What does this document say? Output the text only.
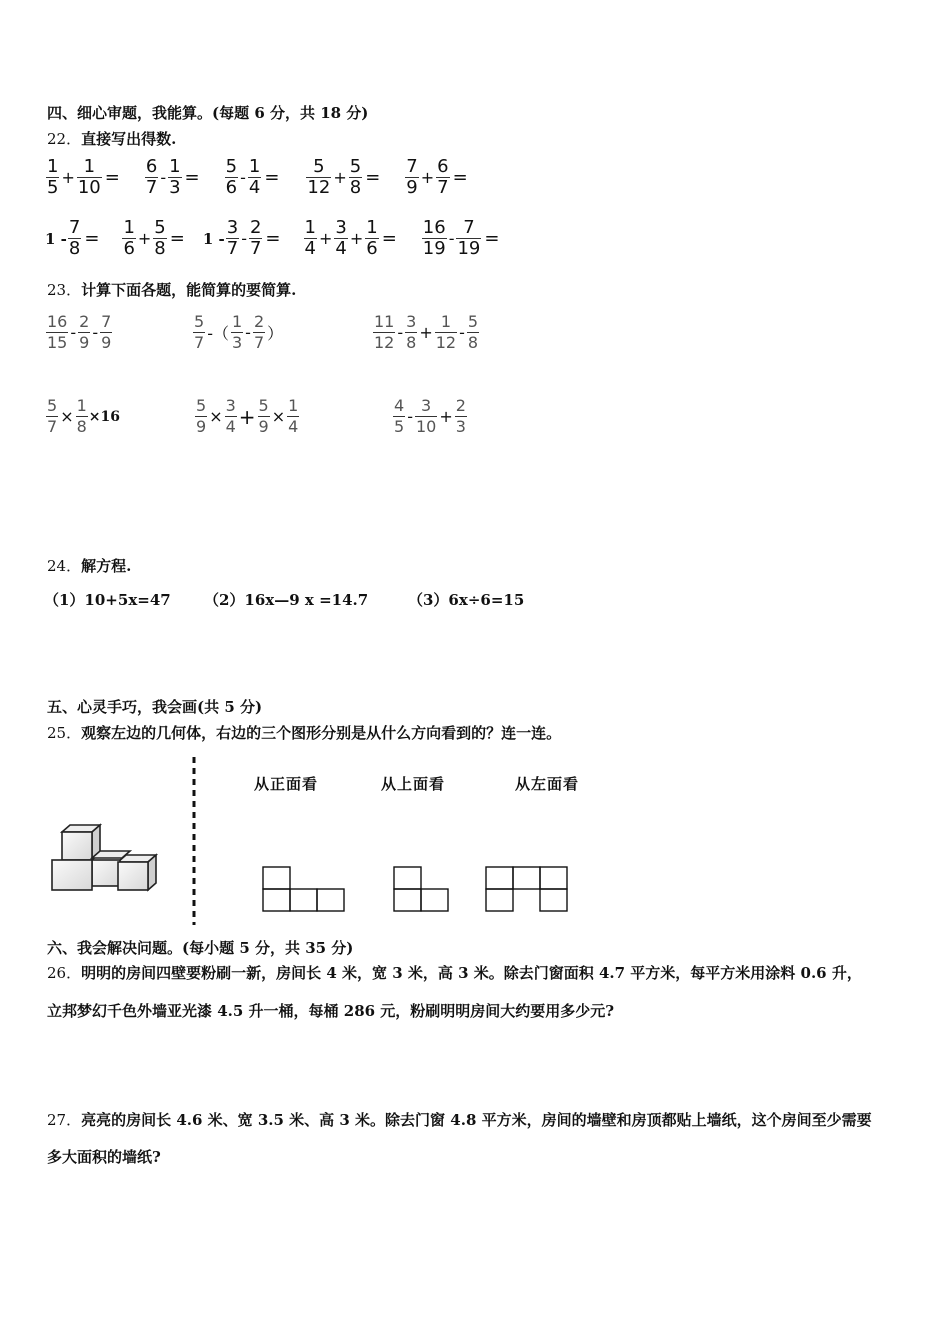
四、细心审题，我能算。(每题 6 分，共 18 分)
22．直接写出得数.
$\frac{1}{5} + \frac{1}{10} = \frac{6}{7} - \frac{1}{3} = \frac{5}{6} - \frac{1}{4} = \frac{5}{12} + \frac{5}{8} = \frac{7}{9} + \frac{6}{7}$ =
$1 - \frac{7}{8} = \frac{1}{6} + \frac{5}{8} = 1 - \frac{3}{7} - \frac{2}{7} = \frac{1}{4} + \frac{3}{4} + \frac{1}{6} = \frac{16}{19} - \frac{7}{19}$ =
23．计算下面各题，能简算的要简算.
$\frac{16}{15} - \frac{2}{9} - \frac{7}{9}$	$\frac{5}{7}$ -（ $\frac{1}{3} - \frac{2}{7}$ ）	$\frac{11}{12} - \frac{3}{8} + \frac{1}{12} - \frac{5}{8}$
$\frac{5}{7} \times \frac{1}{8} \times 16$	$\frac{5}{9} \times \frac{3}{4} + \frac{5}{9} \times \frac{1}{4}$	$\frac{4}{5} - \frac{3}{10} + \frac{2}{3}$
24．解方程.
（1）10+5x=47 （2）16x—9 x =14.7	（3）6x÷6=15
五、心灵手巧，我会画(共 5 分)
25．观察左边的几何体，右边的三个图形分别是从什么方向看到的？连一连。
从正面看	从上面看	从左面看
六、我会解决问题。(每小题 5 分，共 35 分)
26．明明的房间四壁要粉刷一新，房间长 4 米，宽 3 米，高 3 米。除去门窗面积 4.7 平方米，每平方米用涂料 0.6 升，
立邦梦幻千色外墙亚光漆 4.5 升一桶，每桶 286 元，粉刷明明房间大约要用多少元?
27．亮亮的房间长 4.6 米、宽 3.5 米、高 3 米。除去门窗 4.8 平方米，房间的墙壁和房顶都贴上墙纸，这个房间至少需要
多大面积的墙纸?
